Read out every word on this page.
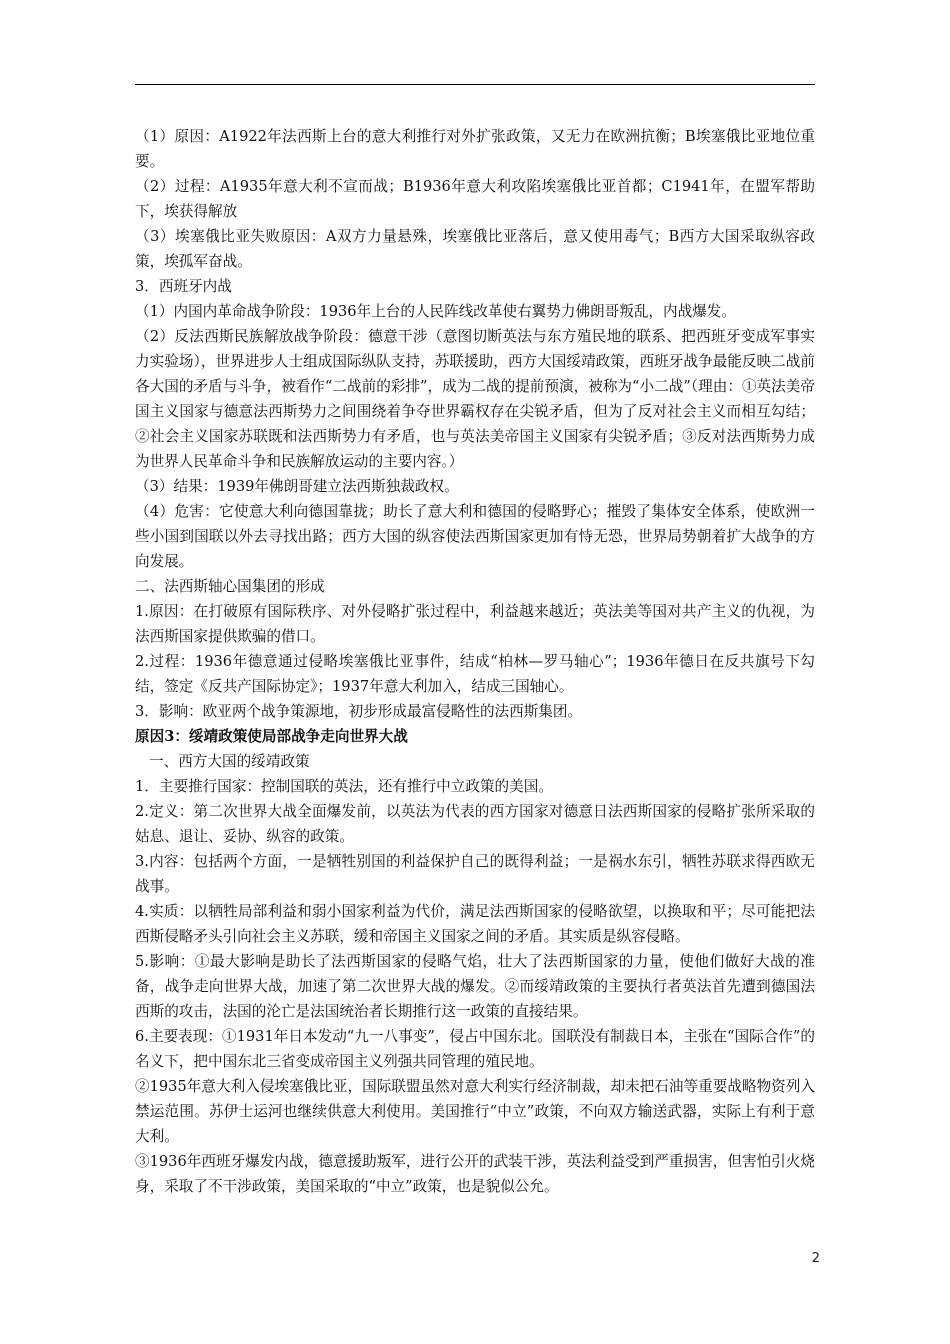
（1）原因：A1922年法西斯上台的意大利推行对外扩张政策，又无力在欧洲抗衡；B埃塞俄比亚地位重要。

（2）过程：A1935年意大利不宣而战；B1936年意大利攻陷埃塞俄比亚首都；C1941年，在盟军帮助下，埃获得解放

（3）埃塞俄比亚失败原因：A双方力量悬殊，埃塞俄比亚落后，意又使用毒气；B西方大国采取纵容政策，埃孤军奋战。

3．西班牙内战

（1）内国内革命战争阶段：1936年上台的人民阵线改革使右翼势力佛朗哥叛乱，内战爆发。

（2）反法西斯民族解放战争阶段：德意干涉（意图切断英法与东方殖民地的联系、把西班牙变成军事实力实验场），世界进步人士组成国际纵队支持，苏联援助，西方大国绥靖政策，西班牙战争最能反映二战前各大国的矛盾与斗争，被看作“二战前的彩排”，成为二战的提前预演，被称为“小二战”（理由：①英法美帝国主义国家与德意法西斯势力之间围绕着争夺世界霸权存在尖锐矛盾，但为了反对社会主义而相互勾结；②社会主义国家苏联既和法西斯势力有矛盾，也与英法美帝国主义国家有尖锐矛盾；③反对法西斯势力成为世界人民革命斗争和民族解放运动的主要内容。）

（3）结果：1939年佛朗哥建立法西斯独裁政权。

（4）危害：它使意大利向德国靠拢；助长了意大利和德国的侵略野心；摧毁了集体安全体系，使欧洲一些小国到国联以外去寻找出路；西方大国的纵容使法西斯国家更加有恃无恐，世界局势朝着扩大战争的方向发展。

二、法西斯轴心国集团的形成

1.原因：在打破原有国际秩序、对外侵略扩张过程中，利益越来越近；英法美等国对共产主义的仇视，为法西斯国家提供欺骗的借口。

2.过程：1936年德意通过侵略埃塞俄比亚事件，结成“柏林—罗马轴心”；1936年德日在反共旗号下勾结，签定《反共产国际协定》；1937年意大利加入，结成三国轴心。

3．影响：欧亚两个战争策源地，初步形成最富侵略性的法西斯集团。

原因3：绥靖政策使局部战争走向世界大战

一、西方大国的绥靖政策

1．主要推行国家：控制国联的英法，还有推行中立政策的美国。

2.定义：第二次世界大战全面爆发前，以英法为代表的西方国家对德意日法西斯国家的侵略扩张所采取的姑息、退让、妥协、纵容的政策。

3.内容：包括两个方面，一是牺牲别国的利益保护自己的既得利益；一是祸水东引，牺牲苏联求得西欧无战事。

4.实质：以牺牲局部利益和弱小国家利益为代价，满足法西斯国家的侵略欲望，以换取和平；尽可能把法西斯侵略矛头引向社会主义苏联，缓和帝国主义国家之间的矛盾。其实质是纵容侵略。

5.影响：①最大影响是助长了法西斯国家的侵略气焰，壮大了法西斯国家的力量，使他们做好大战的准备，战争走向世界大战，加速了第二次世界大战的爆发。②而绥靖政策的主要执行者英法首先遭到德国法西斯的攻击，法国的沦亡是法国统治者长期推行这一政策的直接结果。

6.主要表现：①1931年日本发动“九一八事变”，侵占中国东北。国联没有制裁日本，主张在“国际合作”的名义下，把中国东北三省变成帝国主义列强共同管理的殖民地。

②1935年意大利入侵埃塞俄比亚，国际联盟虽然对意大利实行经济制裁，却未把石油等重要战略物资列入禁运范围。苏伊士运河也继续供意大利使用。美国推行“中立”政策，不向双方输送武器，实际上有利于意大利。

③1936年西班牙爆发内战，德意援助叛军，进行公开的武装干涉，英法利益受到严重损害，但害怕引火烧身，采取了不干涉政策，美国采取的“中立”政策，也是貌似公允。

2
